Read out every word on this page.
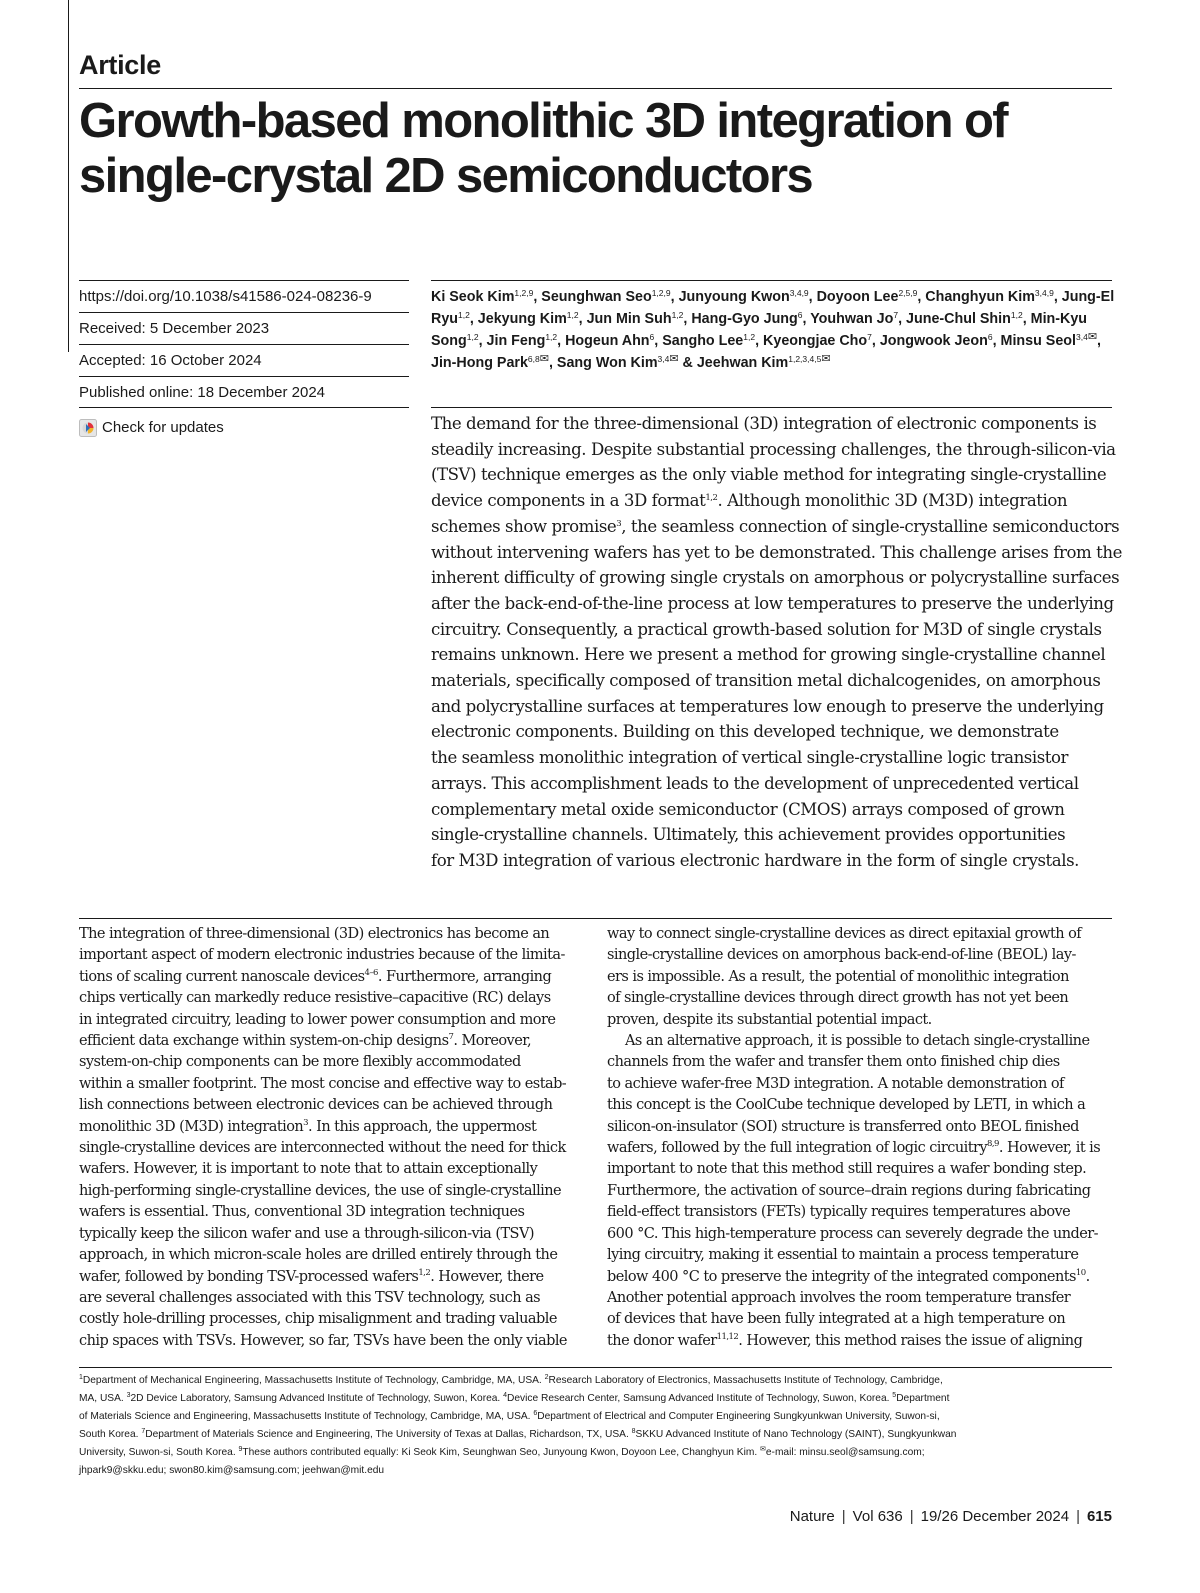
Article
Growth-based monolithic 3D integration of
single-crystal 2D semiconductors
https://doi.org/10.1038/s41586-024-08236-9
Received: 5 December 2023
Accepted: 16 October 2024
Published online: 18 December 2024
Check for updates
Ki Seok Kim$^{1,2,9}$, Seunghwan Seo$^{1,2,9}$, Junyoung Kwon$^{3,4,9}$, Doyoon Lee$^{2,5,9}$, Changhyun Kim$^{3,4,9}$, Jung-El Ryu$^{1,2}$, Jekyung Kim$^{1,2}$, Jun Min Suh$^{1,2}$, Hang-Gyo Jung$^6$, Youhwan Jo$^7$, June-Chul Shin$^{1,2}$, Min-Kyu Song$^{1,2}$, Jin Feng$^{1,2}$, Hogeun Ahn$^6$, Sangho Lee$^{1,2}$, Kyeongjae Cho$^7$, Jongwook Jeon$^6$, Minsu Seol$^{3,4✉}$, Jin-Hong Park$^{6,8✉}$, Sang Won Kim$^{3,4✉}$ & Jeehwan Kim$^{1,2,3,4,5✉}$
The demand for the three-dimensional (3D) integration of electronic components is
steadily increasing. Despite substantial processing challenges, the through-silicon-via
(TSV) technique emerges as the only viable method for integrating single-crystalline
device components in a 3D format$^{1,2}$. Although monolithic 3D (M3D) integration
schemes show promise$^3$, the seamless connection of single-crystalline semiconductors
without intervening wafers has yet to be demonstrated. This challenge arises from the
inherent difficulty of growing single crystals on amorphous or polycrystalline surfaces
after the back-end-of-the-line process at low temperatures to preserve the underlying
circuitry. Consequently, a practical growth-based solution for M3D of single crystals
remains unknown. Here we present a method for growing single-crystalline channel
materials, specifically composed of transition metal dichalcogenides, on amorphous
and polycrystalline surfaces at temperatures low enough to preserve the underlying
electronic components. Building on this developed technique, we demonstrate
the seamless monolithic integration of vertical single-crystalline logic transistor
arrays. This accomplishment leads to the development of unprecedented vertical
complementary metal oxide semiconductor (CMOS) arrays composed of grown
single-crystalline channels. Ultimately, this achievement provides opportunities
for M3D integration of various electronic hardware in the form of single crystals.
The integration of three-dimensional (3D) electronics has become an
important aspect of modern electronic industries because of the limita-
tions of scaling current nanoscale devices$^{4-6}$. Furthermore, arranging
chips vertically can markedly reduce resistive–capacitive (RC) delays
in integrated circuitry, leading to lower power consumption and more
efficient data exchange within system-on-chip designs$^7$. Moreover,
system-on-chip components can be more flexibly accommodated
within a smaller footprint. The most concise and effective way to estab-
lish connections between electronic devices can be achieved through
monolithic 3D (M3D) integration$^3$. In this approach, the uppermost
single-crystalline devices are interconnected without the need for thick
wafers. However, it is important to note that to attain exceptionally
high-performing single-crystalline devices, the use of single-crystalline
wafers is essential. Thus, conventional 3D integration techniques
typically keep the silicon wafer and use a through-silicon-via (TSV)
approach, in which micron-scale holes are drilled entirely through the
wafer, followed by bonding TSV-processed wafers$^{1,2}$. However, there
are several challenges associated with this TSV technology, such as
costly hole-drilling processes, chip misalignment and trading valuable
chip spaces with TSVs. However, so far, TSVs have been the only viable
way to connect single-crystalline devices as direct epitaxial growth of
single-crystalline devices on amorphous back-end-of-line (BEOL) lay-
ers is impossible. As a result, the potential of monolithic integration
of single-crystalline devices through direct growth has not yet been
proven, despite its substantial potential impact.
As an alternative approach, it is possible to detach single-crystalline
channels from the wafer and transfer them onto finished chip dies
to achieve wafer-free M3D integration. A notable demonstration of
this concept is the CoolCube technique developed by LETI, in which a
silicon-on-insulator (SOI) structure is transferred onto BEOL finished
wafers, followed by the full integration of logic circuitry$^{8,9}$. However, it is
important to note that this method still requires a wafer bonding step.
Furthermore, the activation of source–drain regions during fabricating
field-effect transistors (FETs) typically requires temperatures above
600 °C. This high-temperature process can severely degrade the under-
lying circuitry, making it essential to maintain a process temperature
below 400 °C to preserve the integrity of the integrated components$^{10}$.
Another potential approach involves the room temperature transfer
of devices that have been fully integrated at a high temperature on
the donor wafer$^{11,12}$. However, this method raises the issue of aligning
$^1$Department of Mechanical Engineering, Massachusetts Institute of Technology, Cambridge, MA, USA. $^2$Research Laboratory of Electronics, Massachusetts Institute of Technology, Cambridge,
MA, USA. $^3$2D Device Laboratory, Samsung Advanced Institute of Technology, Suwon, Korea. $^4$Device Research Center, Samsung Advanced Institute of Technology, Suwon, Korea. $^5$Department
of Materials Science and Engineering, Massachusetts Institute of Technology, Cambridge, MA, USA. $^6$Department of Electrical and Computer Engineering Sungkyunkwan University, Suwon-si,
South Korea. $^7$Department of Materials Science and Engineering, The University of Texas at Dallas, Richardson, TX, USA. $^8$SKKU Advanced Institute of Nano Technology (SAINT), Sungkyunkwan
University, Suwon-si, South Korea. $^9$These authors contributed equally: Ki Seok Kim, Seunghwan Seo, Junyoung Kwon, Doyoon Lee, Changhyun Kim. ✉e-mail: minsu.seol@samsung.com;
jhpark9@skku.edu; swon80.kim@samsung.com; jeehwan@mit.edu
Nature | Vol 636 | 19/26 December 2024 | 615
